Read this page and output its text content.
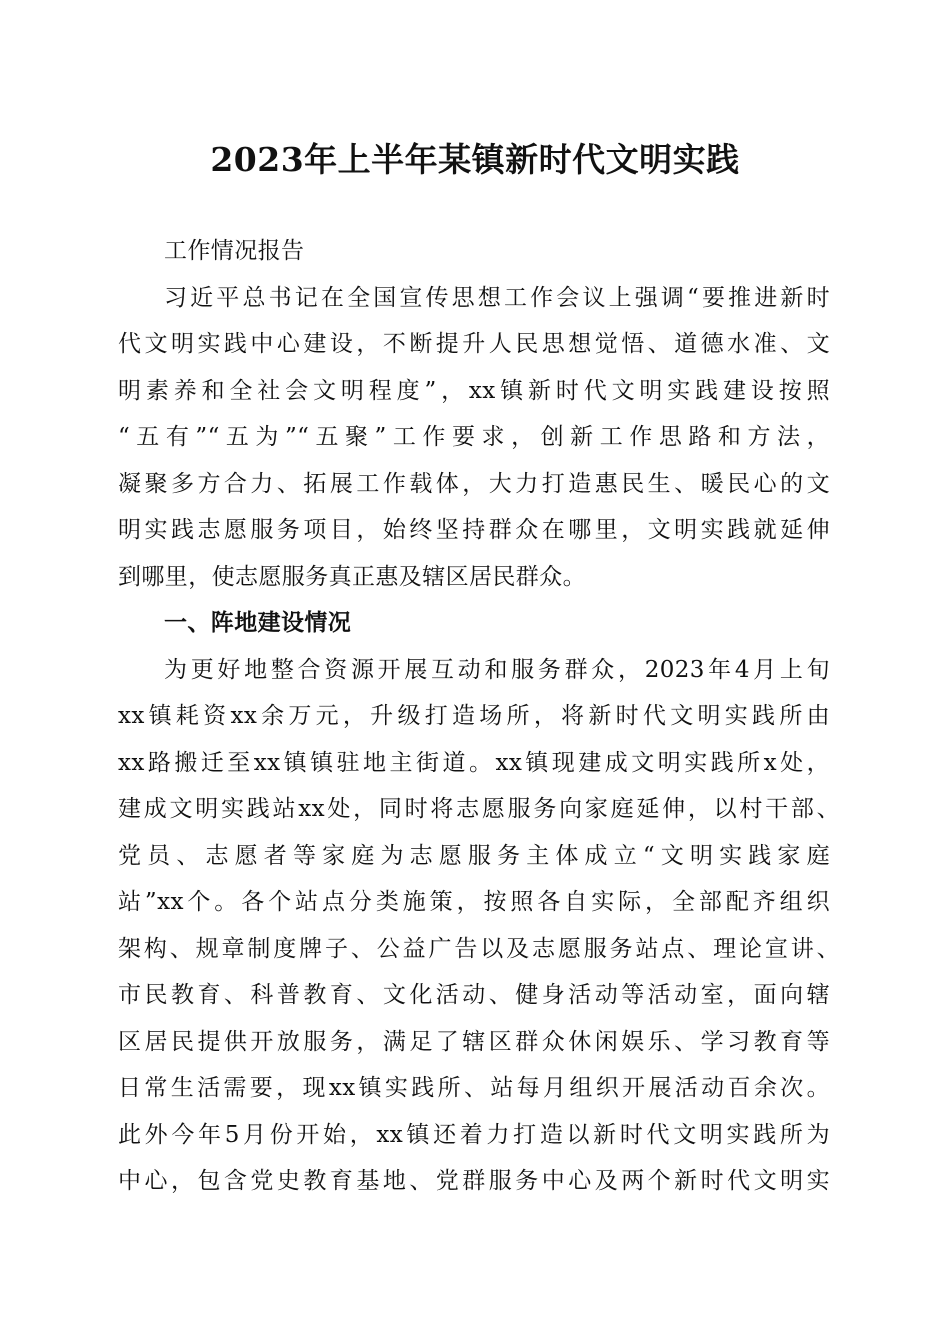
2023年上半年某镇新时代文明实践
工作情况报告
习近平总书记在全国宣传思想工作会议上强调“要推进新时
代文明实践中心建设，不断提升人民思想觉悟、道德水准、文
明素养和全社会文明程度”，xx镇新时代文明实践建设按照
“五有”“五为”“五聚”工作要求，创新工作思路和方法，
凝聚多方合力、拓展工作载体，大力打造惠民生、暖民心的文
明实践志愿服务项目，始终坚持群众在哪里，文明实践就延伸
到哪里，使志愿服务真正惠及辖区居民群众。
一、阵地建设情况
为更好地整合资源开展互动和服务群众，2023年4月上旬
xx镇耗资xx余万元，升级打造场所，将新时代文明实践所由
xx路搬迁至xx镇镇驻地主街道。xx镇现建成文明实践所x处，
建成文明实践站xx处，同时将志愿服务向家庭延伸，以村干部、
党员、志愿者等家庭为志愿服务主体成立“文明实践家庭
站”xx个。各个站点分类施策，按照各自实际，全部配齐组织
架构、规章制度牌子、公益广告以及志愿服务站点、理论宣讲、
市民教育、科普教育、文化活动、健身活动等活动室，面向辖
区居民提供开放服务，满足了辖区群众休闲娱乐、学习教育等
日常生活需要，现xx镇实践所、站每月组织开展活动百余次。
此外今年5月份开始，xx镇还着力打造以新时代文明实践所为
中心，包含党史教育基地、党群服务中心及两个新时代文明实
